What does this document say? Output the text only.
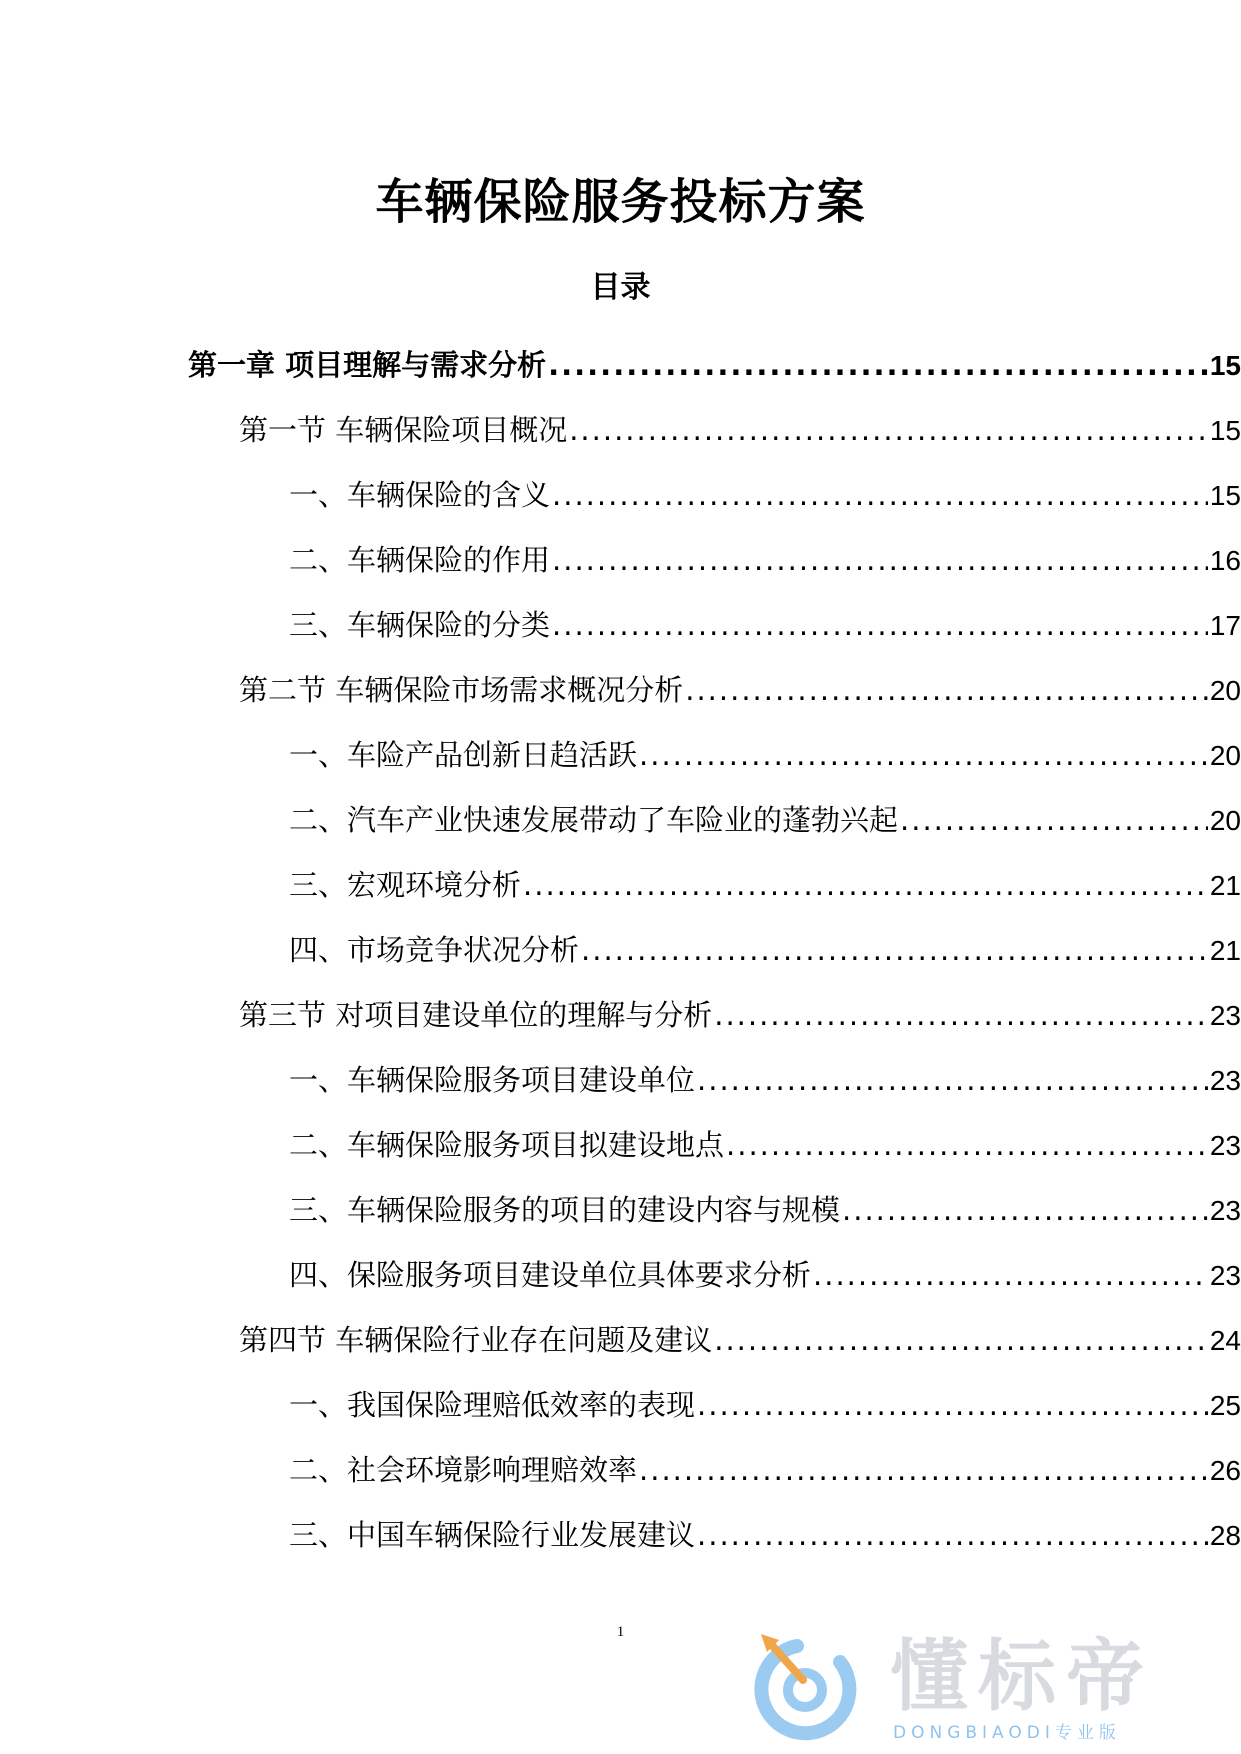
车辆保险服务投标方案
目录
第一章 项目理解与需求分析 .....	15
第一节 车辆保险项目概况 .....	15
一、车辆保险的含义 .....	15
二、车辆保险的作用 .....	16
三、车辆保险的分类 .....	17
第二节 车辆保险市场需求概况分析 .....	20
一、车险产品创新日趋活跃 .....	20
二、汽车产业快速发展带动了车险业的蓬勃兴起 .....	20
三、宏观环境分析 .....	21
四、市场竞争状况分析 .....	21
第三节 对项目建设单位的理解与分析 .....	23
一、车辆保险服务项目建设单位 .....	23
二、车辆保险服务项目拟建设地点 .....	23
三、车辆保险服务的项目的建设内容与规模 .....	23
四、保险服务项目建设单位具体要求分析 .....	23
第四节 车辆保险行业存在问题及建议 .....	24
一、我国保险理赔低效率的表现 .....	25
二、社会环境影响理赔效率 .....	26
三、中国车辆保险行业发展建议 .....	28
1	懂标帝
DONGBIAODI专业版
